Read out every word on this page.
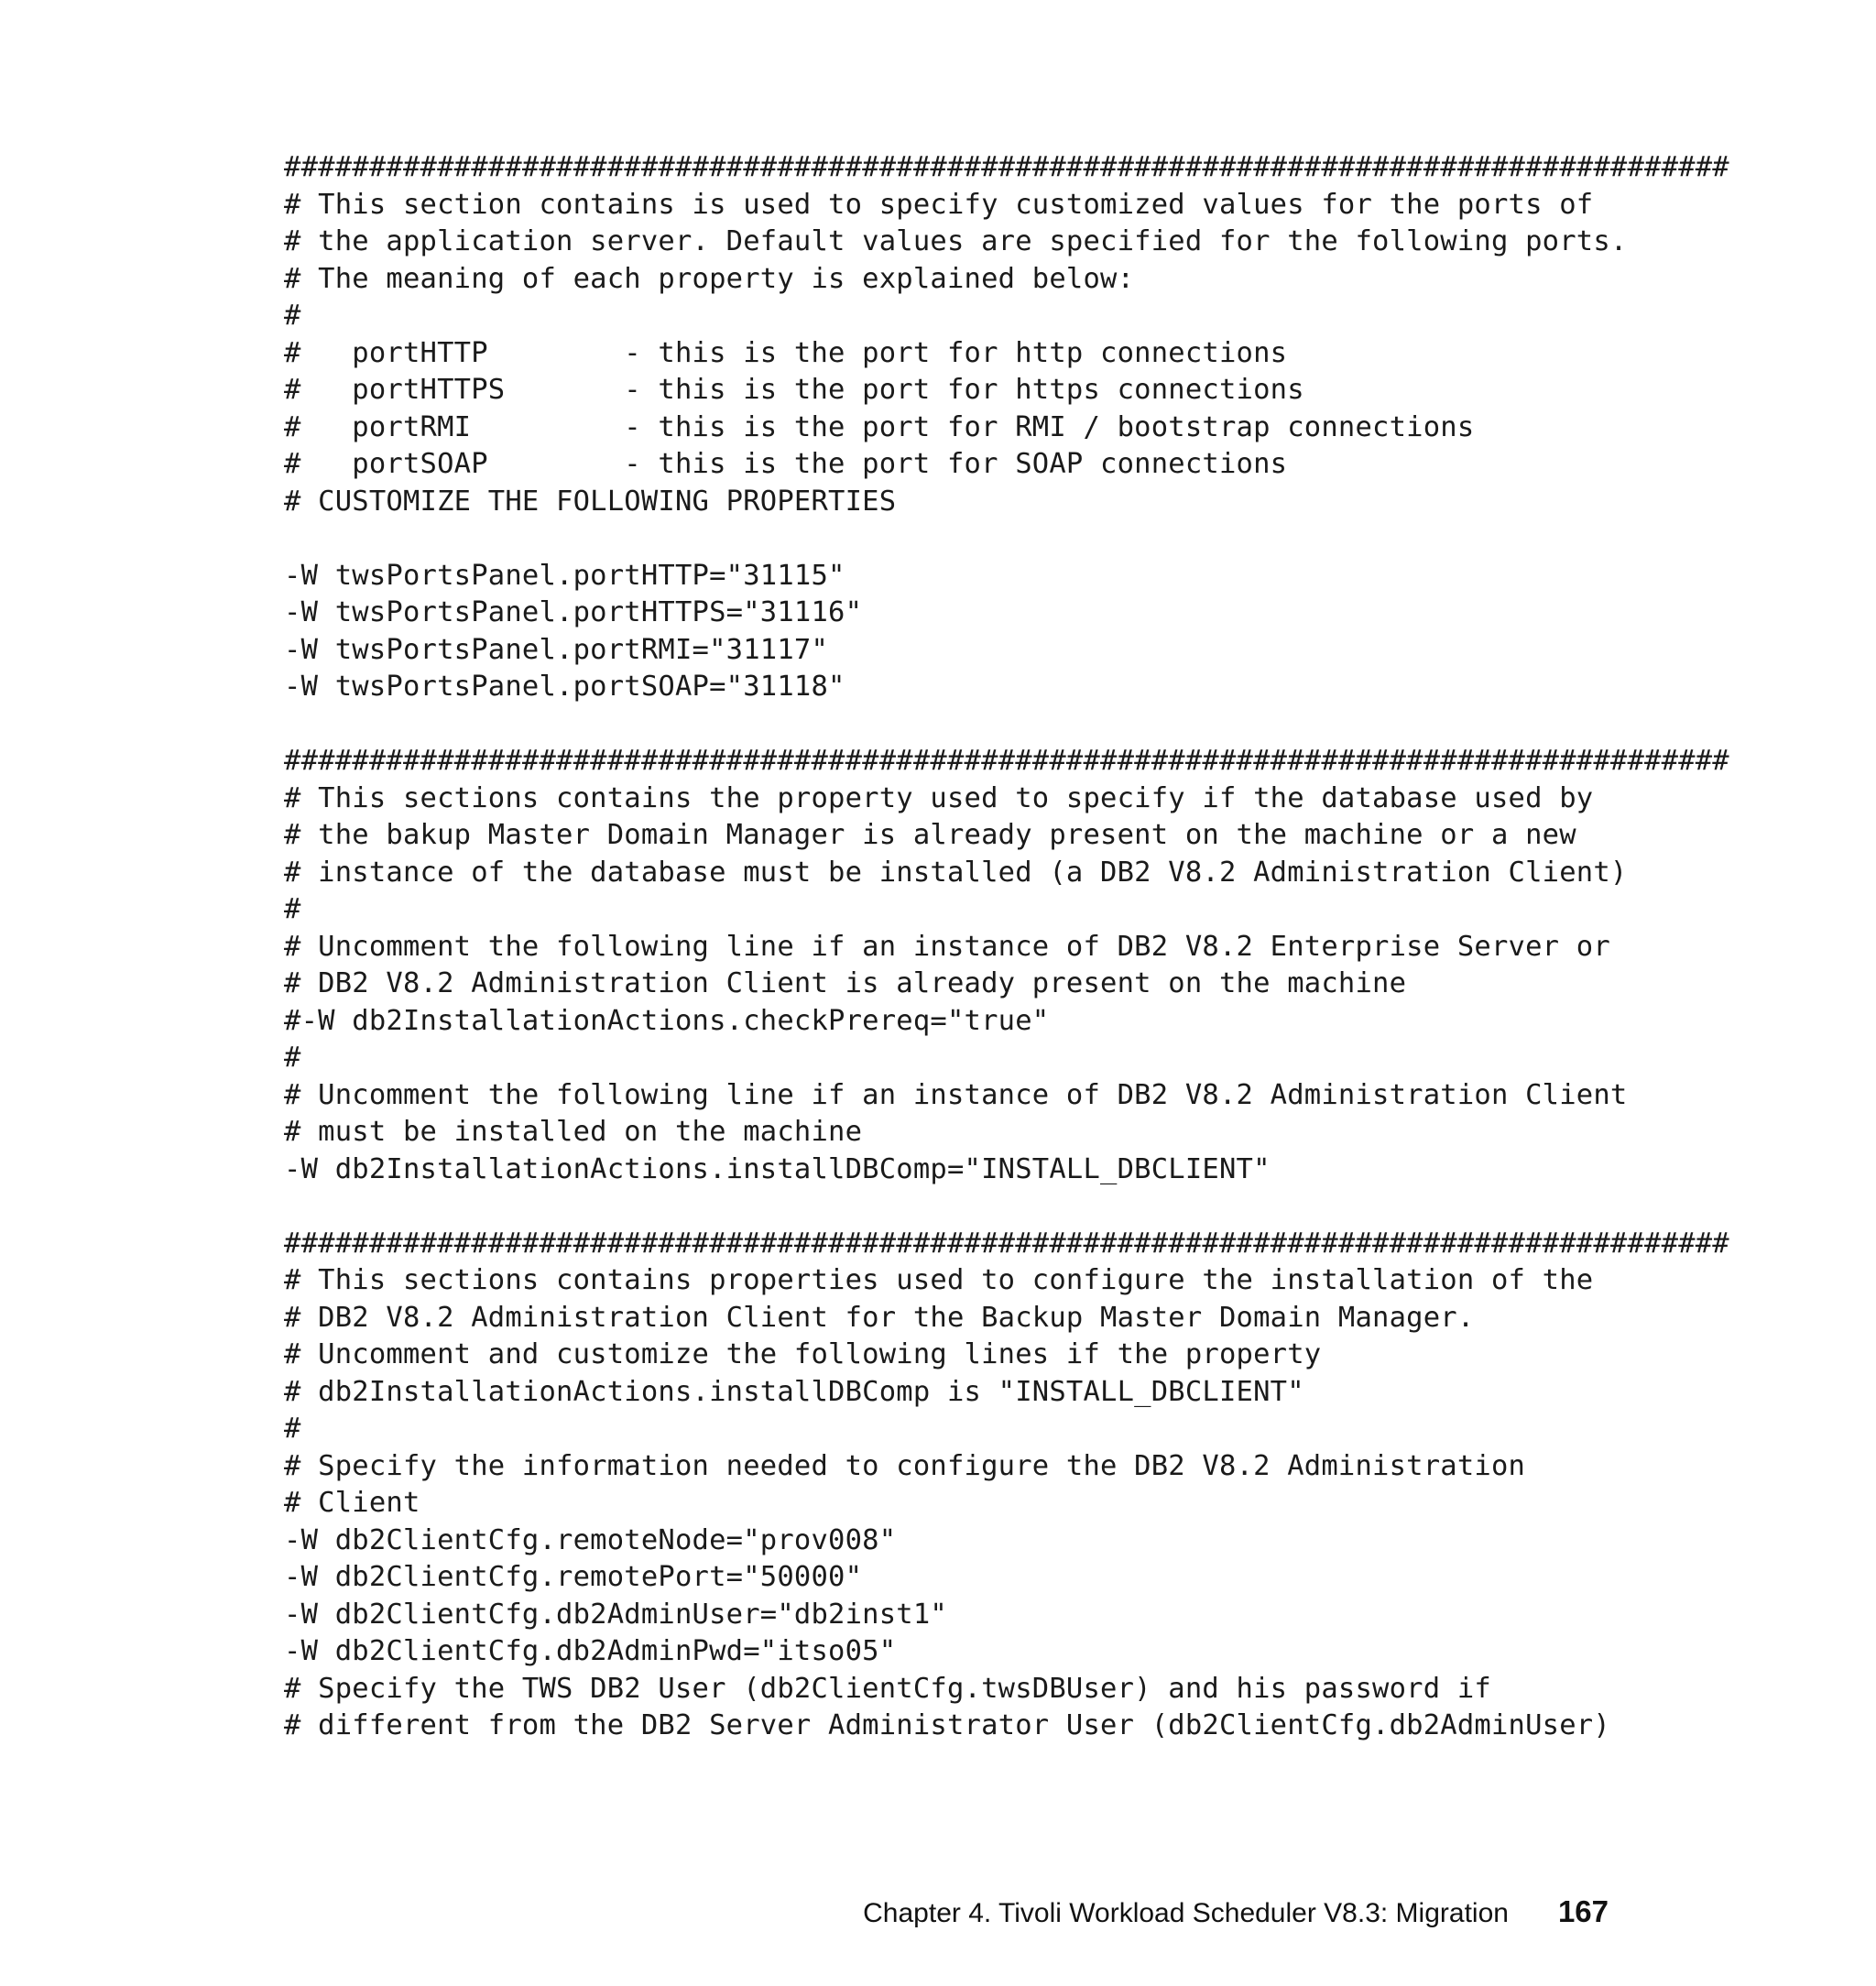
#####################################################################################
# This section contains is used to specify customized values for the ports of
# the application server. Default values are specified for the following ports.
# The meaning of each property is explained below:
#
#   portHTTP        - this is the port for http connections
#   portHTTPS       - this is the port for https connections
#   portRMI         - this is the port for RMI / bootstrap connections
#   portSOAP        - this is the port for SOAP connections
# CUSTOMIZE THE FOLLOWING PROPERTIES
-W twsPortsPanel.portHTTP="31115"
-W twsPortsPanel.portHTTPS="31116"
-W twsPortsPanel.portRMI="31117"
-W twsPortsPanel.portSOAP="31118"
#####################################################################################
# This sections contains the property used to specify if the database used by
# the bakup Master Domain Manager is already present on the machine or a new
# instance of the database must be installed (a DB2 V8.2 Administration Client)
#
# Uncomment the following line if an instance of DB2 V8.2 Enterprise Server or
# DB2 V8.2 Administration Client is already present on the machine
#-W db2InstallationActions.checkPrereq="true"
#
# Uncomment the following line if an instance of DB2 V8.2 Administration Client
# must be installed on the machine
-W db2InstallationActions.installDBComp="INSTALL_DBCLIENT"
#####################################################################################
# This sections contains properties used to configure the installation of the
# DB2 V8.2 Administration Client for the Backup Master Domain Manager.
# Uncomment and customize the following lines if the property
# db2InstallationActions.installDBComp is "INSTALL_DBCLIENT"
#
# Specify the information needed to configure the DB2 V8.2 Administration
# Client
-W db2ClientCfg.remoteNode="prov008"
-W db2ClientCfg.remotePort="50000"
-W db2ClientCfg.db2AdminUser="db2inst1"
-W db2ClientCfg.db2AdminPwd="itso05"
# Specify the TWS DB2 User (db2ClientCfg.twsDBUser) and his password if
# different from the DB2 Server Administrator User (db2ClientCfg.db2AdminUser)
Chapter 4. Tivoli Workload Scheduler V8.3: Migration 167
